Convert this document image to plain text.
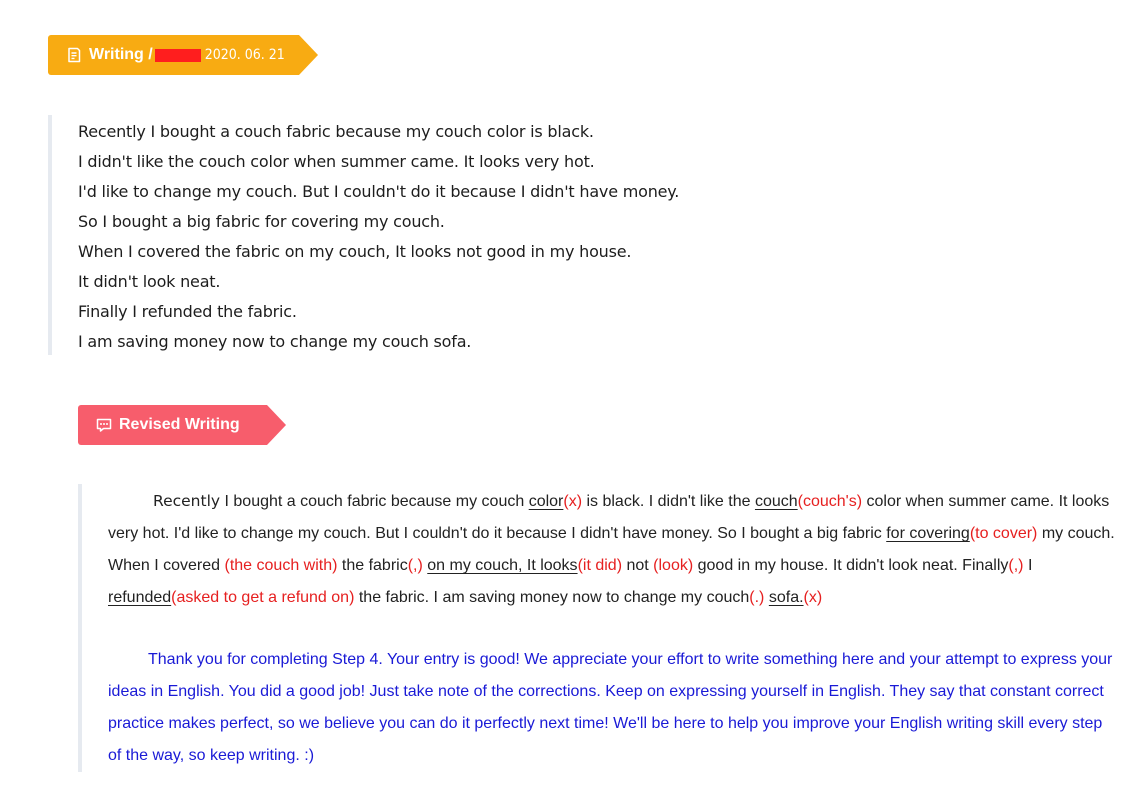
Writing /	2020. 06. 21
Recently I bought a couch fabric because my couch color is black.
I didn't like the couch color when summer came. It looks very hot.
I'd like to change my couch. But I couldn't do it because I didn't have money.
So I bought a big fabric for covering my couch.
When I covered the fabric on my couch, It looks not good in my house.
It didn't look neat.
Finally I refunded the fabric.
I am saving money now to change my couch sofa.
Revised Writing

Recently I bought a couch fabric because my couch color(x) is black. I didn't like the couch(couch's) color when summer came. It looks very hot. I'd like to change my couch. But I couldn't do it because I didn't have money. So I bought a big fabric for covering(to cover) my couch. When I covered (the couch with) the fabric(,) on my couch, It looks(it did) not (look) good in my house. It didn't look neat. Finally(,) I refunded(asked to get a refund on) the fabric. I am saving money now to change my couch(.) sofa.(x)

Thank you for completing Step 4. Your entry is good! We appreciate your effort to write something here and your attempt to express your ideas in English. You did a good job! Just take note of the corrections. Keep on expressing yourself in English. They say that constant correct practice makes perfect, so we believe you can do it perfectly next time! We'll be here to help you improve your English writing skill every step of the way, so keep writing. :)
